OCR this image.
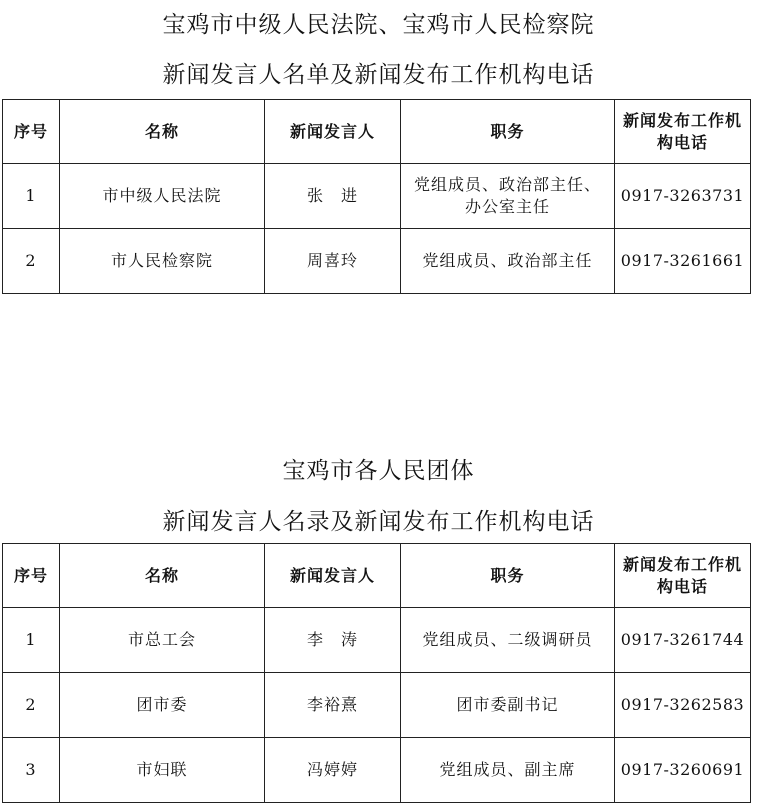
宝鸡市中级人民法院、宝鸡市人民检察院
新闻发言人名单及新闻发布工作机构电话
序号	名称	新闻发言人	职务	新闻发布工作机构电话
1	市中级人民法院	张　进	党组成员、政治部主任、办公室主任	0917-3263731
2	市人民检察院	周喜玲	党组成员、政治部主任	0917-3261661
宝鸡市各人民团体
新闻发言人名录及新闻发布工作机构电话
序号	名称	新闻发言人	职务	新闻发布工作机构电话
1	市总工会	李　涛	党组成员、二级调研员	0917-3261744
2	团市委	李裕熹	团市委副书记	0917-3262583
3	市妇联	冯婷婷	党组成员、副主席	0917-3260691
